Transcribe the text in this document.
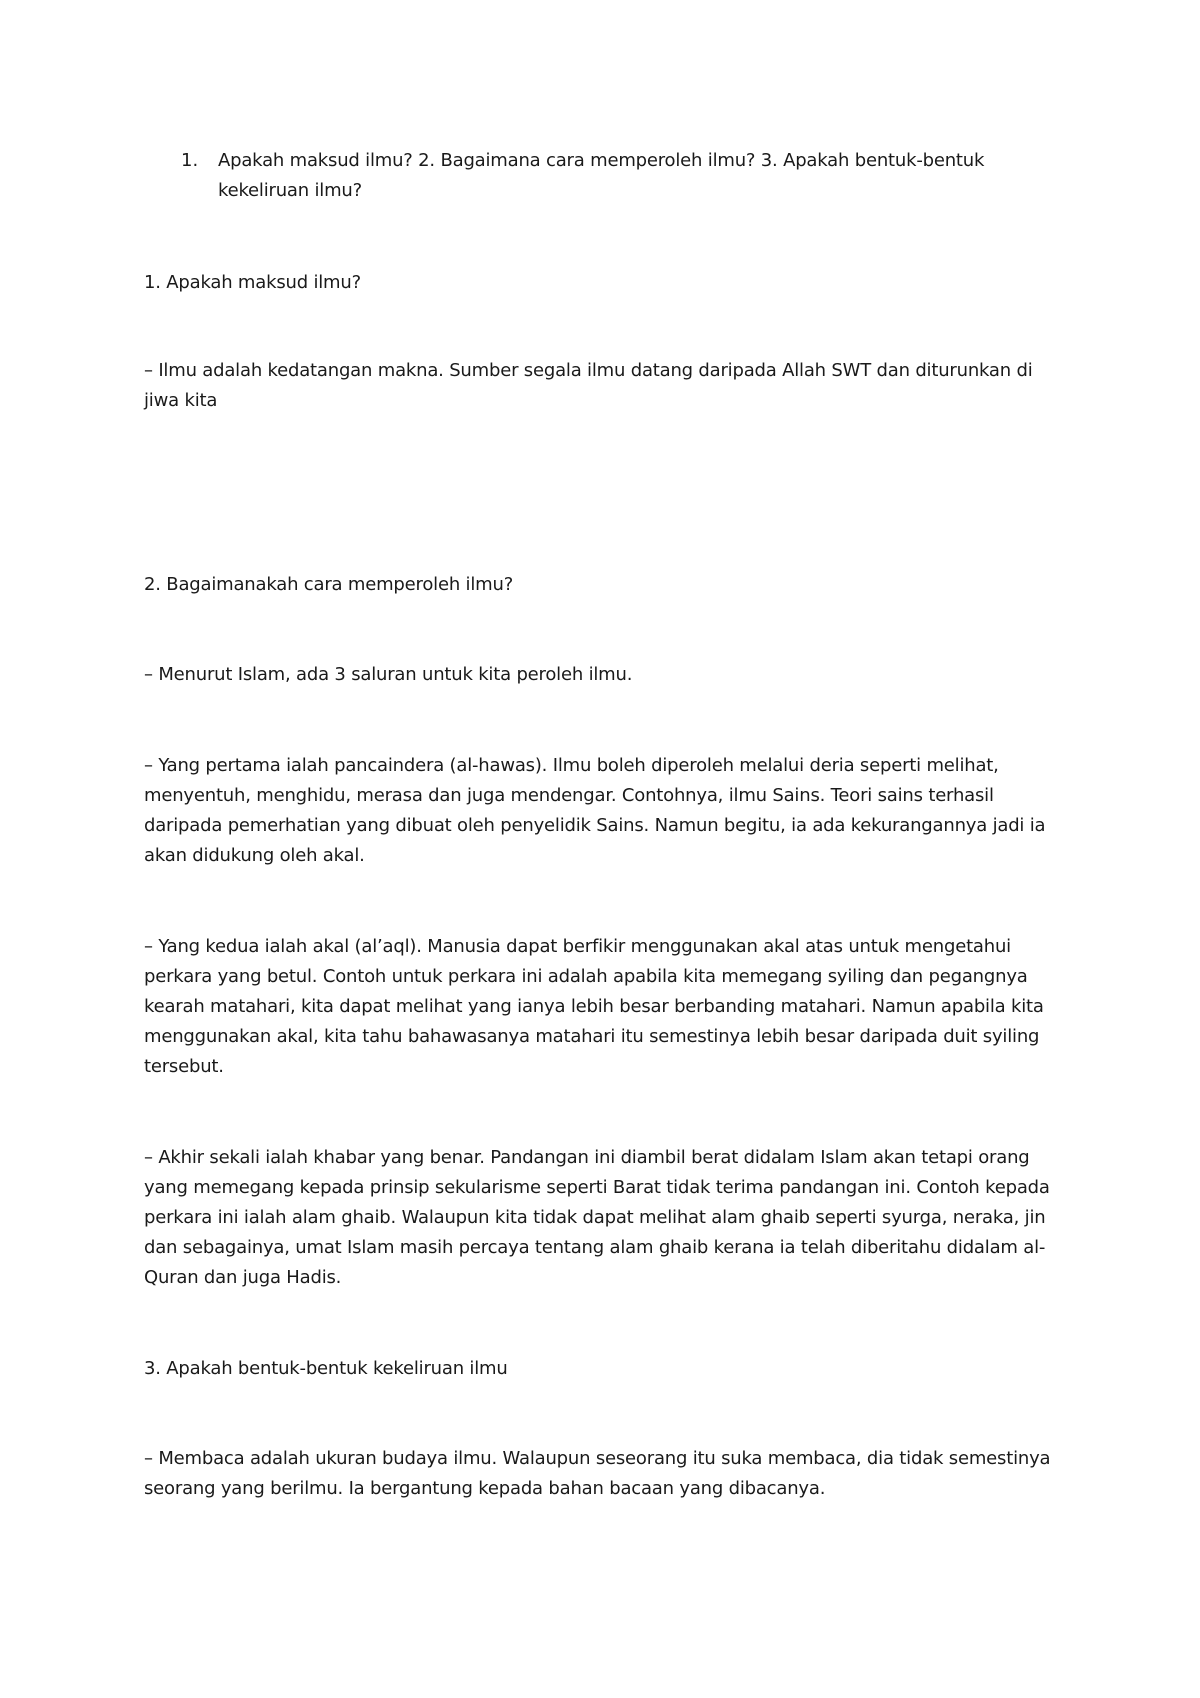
1. Apakah maksud ilmu? 2. Bagaimana cara memperoleh ilmu? 3. Apakah bentuk-bentuk

kekeliruan ilmu?

1. Apakah maksud ilmu?

– Ilmu adalah kedatangan makna. Sumber segala ilmu datang daripada Allah SWT dan diturunkan di

jiwa kita

2. Bagaimanakah cara memperoleh ilmu?

– Menurut Islam, ada 3 saluran untuk kita peroleh ilmu.

– Yang pertama ialah pancaindera (al-hawas). Ilmu boleh diperoleh melalui deria seperti melihat,

menyentuh, menghidu, merasa dan juga mendengar. Contohnya, ilmu Sains. Teori sains terhasil

daripada pemerhatian yang dibuat oleh penyelidik Sains. Namun begitu, ia ada kekurangannya jadi ia

akan didukung oleh akal.

– Yang kedua ialah akal (al’aql). Manusia dapat berfikir menggunakan akal atas untuk mengetahui

perkara yang betul. Contoh untuk perkara ini adalah apabila kita memegang syiling dan pegangnya

kearah matahari, kita dapat melihat yang ianya lebih besar berbanding matahari. Namun apabila kita

menggunakan akal, kita tahu bahawasanya matahari itu semestinya lebih besar daripada duit syiling

tersebut.

– Akhir sekali ialah khabar yang benar. Pandangan ini diambil berat didalam Islam akan tetapi orang

yang memegang kepada prinsip sekularisme seperti Barat tidak terima pandangan ini. Contoh kepada

perkara ini ialah alam ghaib. Walaupun kita tidak dapat melihat alam ghaib seperti syurga, neraka, jin

dan sebagainya, umat Islam masih percaya tentang alam ghaib kerana ia telah diberitahu didalam al-

Quran dan juga Hadis.

3. Apakah bentuk-bentuk kekeliruan ilmu

– Membaca adalah ukuran budaya ilmu. Walaupun seseorang itu suka membaca, dia tidak semestinya

seorang yang berilmu. Ia bergantung kepada bahan bacaan yang dibacanya.
